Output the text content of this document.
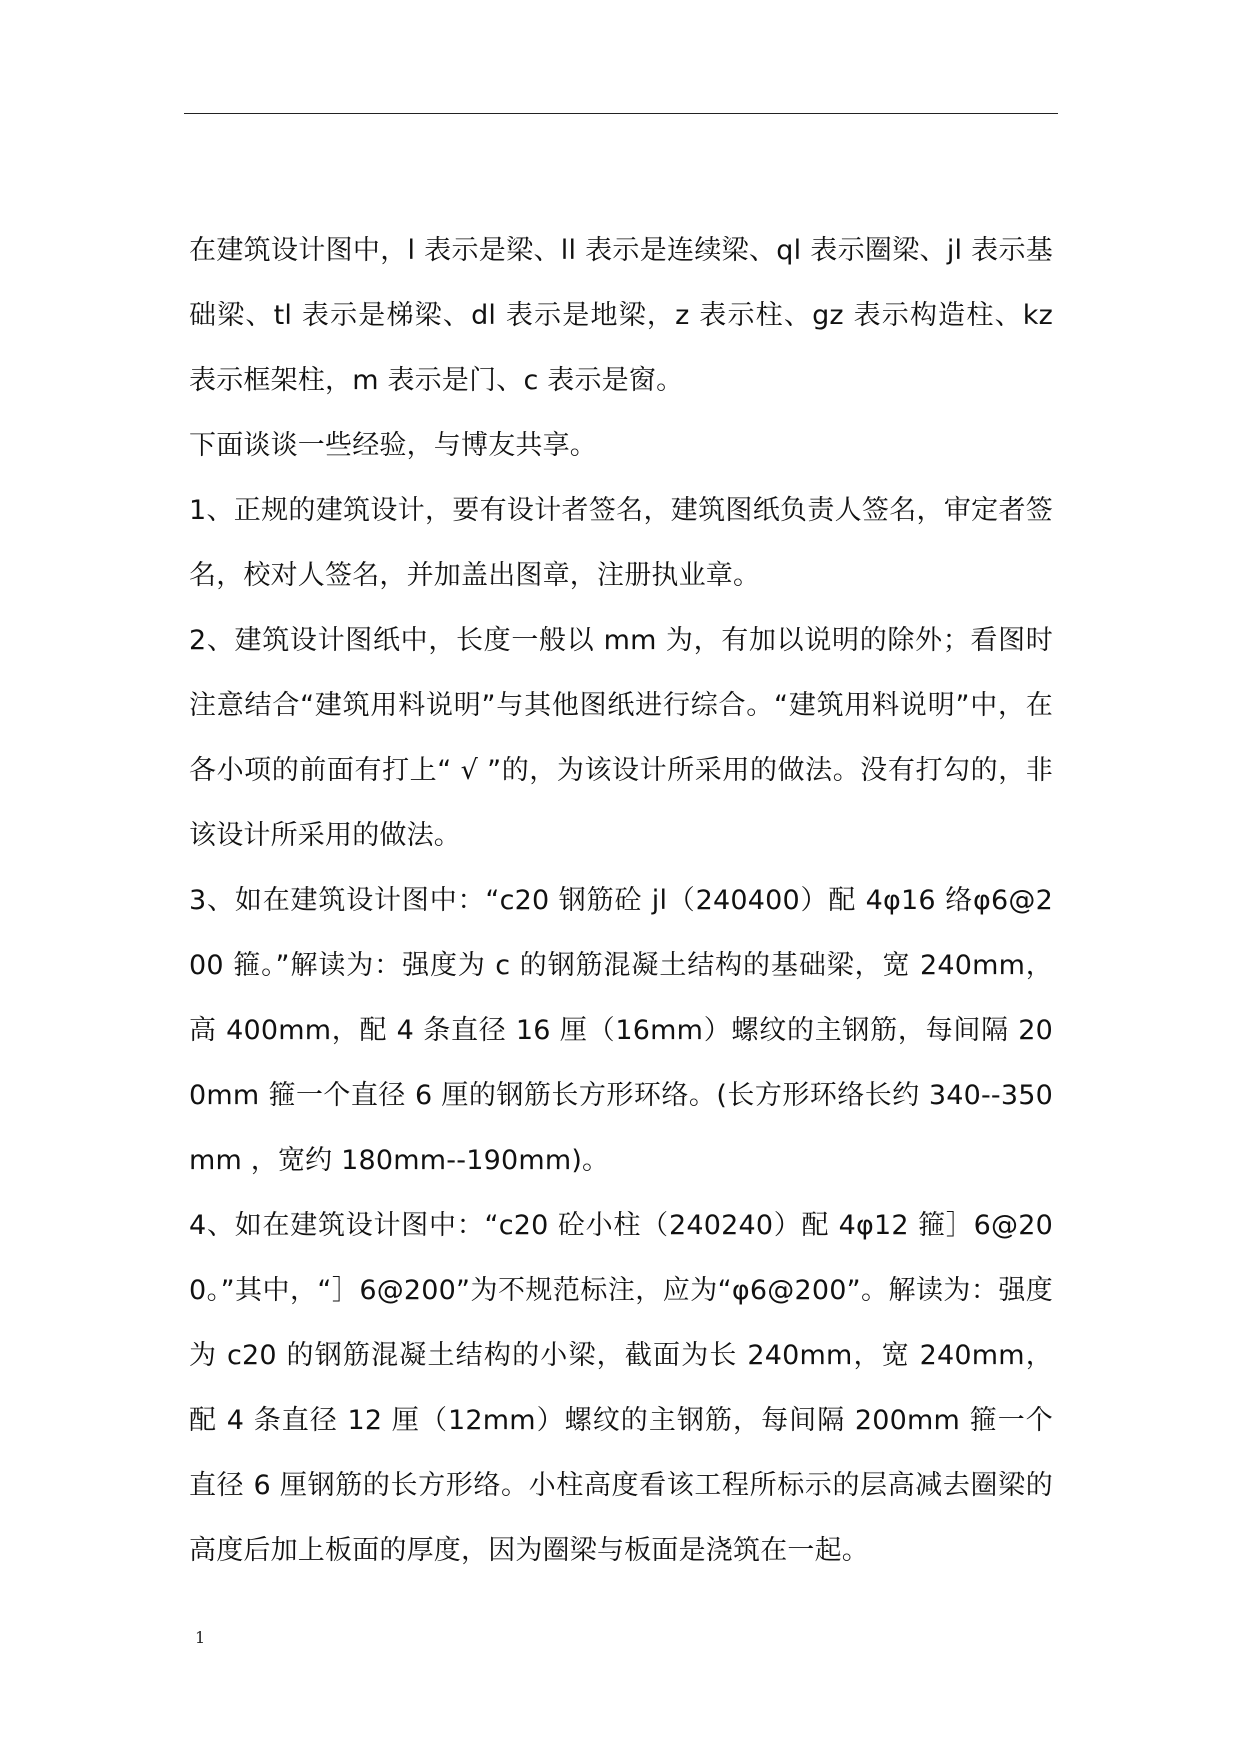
在建筑设计图中，l 表示是梁、ll 表示是连续梁、ql 表示圈梁、jl 表示基础梁、tl 表示是梯梁、dl 表示是地梁，z 表示柱、gz 表示构造柱、kz 表示框架柱，m 表示是门、c 表示是窗。

下面谈谈一些经验，与博友共享。

1、正规的建筑设计，要有设计者签名，建筑图纸负责人签名，审定者签名，校对人签名，并加盖出图章，注册执业章。

2、建筑设计图纸中，长度一般以 mm 为，有加以说明的除外；看图时注意结合“建筑用料说明”与其他图纸进行综合。“建筑用料说明”中，在各小项的前面有打上“ √ ”的，为该设计所采用的做法。没有打勾的，非该设计所采用的做法。

3、如在建筑设计图中：“c20 钢筋砼 jl（240400）配 4φ16 络φ6@200 箍。”解读为：强度为 c 的钢筋混凝土结构的基础梁，宽 240mm，高 400mm，配 4 条直径 16 厘（16mm）螺纹的主钢筋，每间隔 200mm 箍一个直径 6 厘的钢筋长方形环络。(长方形环络长约 340--350 mm ，宽约 180mm--190mm)。

4、如在建筑设计图中：“c20 砼小柱（240240）配 4φ12 箍］6@200。”其中，“］6@200”为不规范标注，应为“φ6@200”。解读为：强度为 c20 的钢筋混凝土结构的小梁，截面为长 240mm，宽 240mm，配 4 条直径 12 厘（12mm）螺纹的主钢筋，每间隔 200mm 箍一个直径 6 厘钢筋的长方形络。小柱高度看该工程所标示的层高减去圈梁的高度后加上板面的厚度，因为圈梁与板面是浇筑在一起。

1
